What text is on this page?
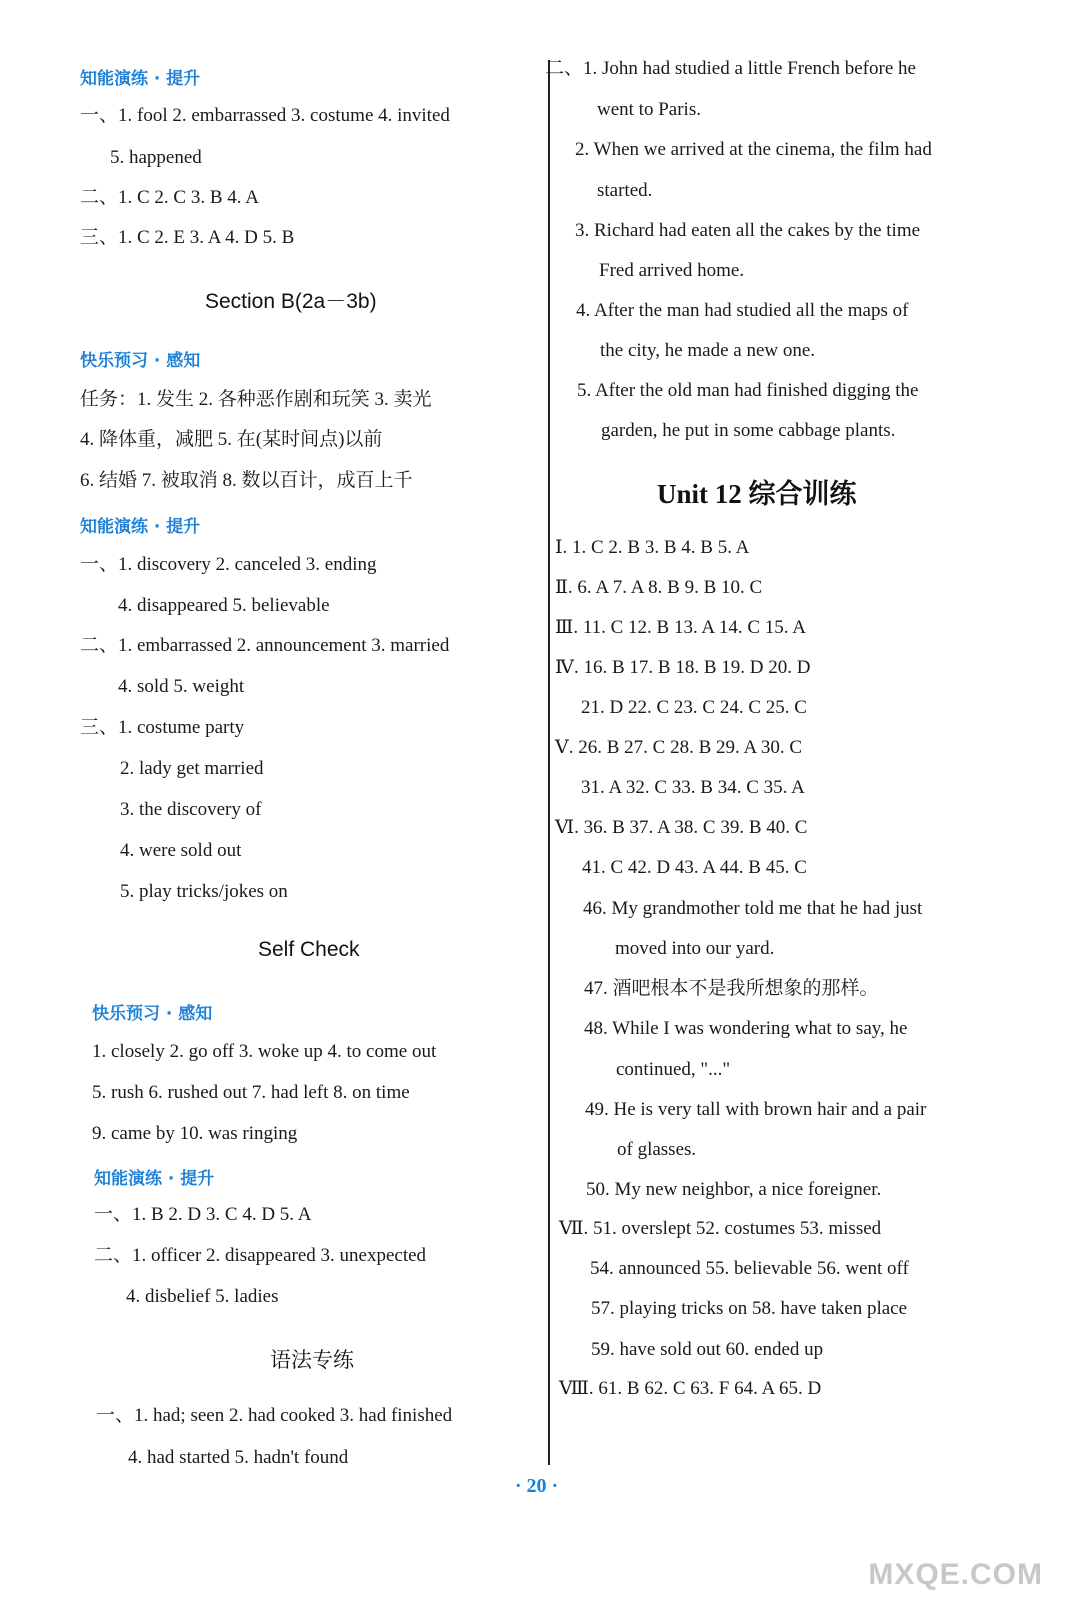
知能演练 · 提升
一、1. fool 2. embarrassed 3. costume 4. invited
5. happened
二、1. C 2. C 3. B 4. A
三、1. C 2. E 3. A 4. D 5. B
Section B(2a－3b)
快乐预习 · 感知
任务：1. 发生 2. 各种恶作剧和玩笑 3. 卖光
4. 降体重，减肥 5. 在(某时间点)以前
6. 结婚 7. 被取消 8. 数以百计，成百上千
知能演练 · 提升
一、1. discovery 2. canceled 3. ending
4. disappeared 5. believable
二、1. embarrassed 2. announcement 3. married
4. sold 5. weight
三、1. costume party
2. lady get married
3. the discovery of
4. were sold out
5. play tricks/jokes on
Self Check
快乐预习 · 感知
1. closely 2. go off 3. woke up 4. to come out
5. rush 6. rushed out 7. had left 8. on time
9. came by 10. was ringing
知能演练 · 提升
一、1. B 2. D 3. C 4. D 5. A
二、1. officer 2. disappeared 3. unexpected
4. disbelief 5. ladies
语法专练
一、1. had; seen 2. had cooked 3. had finished
4. had started 5. hadn't found
二、1. John had studied a little French before he
went to Paris.
2. When we arrived at the cinema, the film had
started.
3. Richard had eaten all the cakes by the time
Fred arrived home.
4. After the man had studied all the maps of
the city, he made a new one.
5. After the old man had finished digging the
garden, he put in some cabbage plants.
Unit 12 综合训练
Ⅰ. 1. C 2. B 3. B 4. B 5. A
Ⅱ. 6. A 7. A 8. B 9. B 10. C
Ⅲ. 11. C 12. B 13. A 14. C 15. A
Ⅳ. 16. B 17. B 18. B 19. D 20. D
21. D 22. C 23. C 24. C 25. C
Ⅴ. 26. B 27. C 28. B 29. A 30. C
31. A 32. C 33. B 34. C 35. A
Ⅵ. 36. B 37. A 38. C 39. B 40. C
41. C 42. D 43. A 44. B 45. C
46. My grandmother told me that he had just
moved into our yard.
47. 酒吧根本不是我所想象的那样。
48. While I was wondering what to say, he
continued, "..."
49. He is very tall with brown hair and a pair
of glasses.
50. My new neighbor, a nice foreigner.
Ⅶ. 51. overslept 52. costumes 53. missed
54. announced 55. believable 56. went off
57. playing tricks on 58. have taken place
59. have sold out 60. ended up
Ⅷ. 61. B 62. C 63. F 64. A 65. D
· 20 ·
MXQE.COM
